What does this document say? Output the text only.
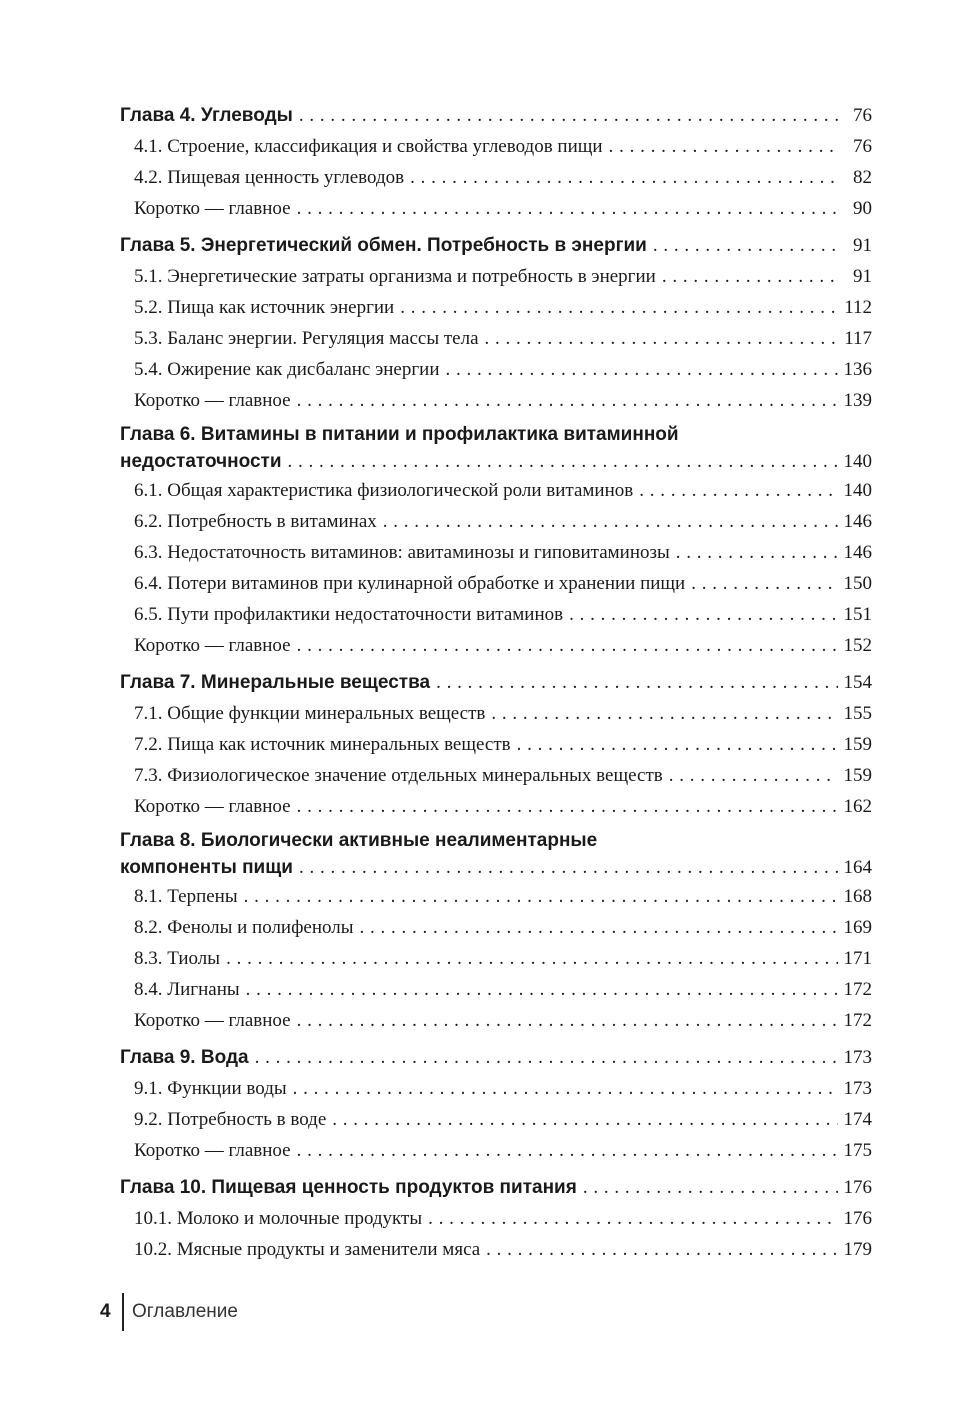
Глава 4. Углеводы . . .	76
4.1. Строение, классификация и свойства углеводов пищи . . .	76
4.2. Пищевая ценность углеводов . . .	82
Коротко — главное . . .	90
Глава 5. Энергетический обмен. Потребность в энергии . . .	91
5.1. Энергетические затраты организма и потребность в энергии . . .	91
5.2. Пища как источник энергии . . .	112
5.3. Баланс энергии. Регуляция массы тела . . .	117
5.4. Ожирение как дисбаланс энергии . . .	136
Коротко — главное . . .	139
Глава 6. Витамины в питании и профилактика витаминной
недостаточности . . .	140
6.1. Общая характеристика физиологической роли витаминов . . .	140
6.2. Потребность в витаминах . . .	146
6.3. Недостаточность витаминов: авитаминозы и гиповитаминозы . . .	146
6.4. Потери витаминов при кулинарной обработке и хранении пищи . . .	150
6.5. Пути профилактики недостаточности витаминов . . .	151
Коротко — главное . . .	152
Глава 7. Минеральные вещества . . .	154
7.1. Общие функции минеральных веществ . . .	155
7.2. Пища как источник минеральных веществ . . .	159
7.3. Физиологическое значение отдельных минеральных веществ . . .	159
Коротко — главное . . .	162
Глава 8. Биологически активные неалиментарные
компоненты пищи . . .	164
8.1. Терпены . . .	168
8.2. Фенолы и полифенолы . . .	169
8.3. Тиолы . . .	171
8.4. Лигнаны . . .	172
Коротко — главное . . .	172
Глава 9. Вода . . .	173
9.1. Функции воды . . .	173
9.2. Потребность в воде . . .	174
Коротко — главное . . .	175
Глава 10. Пищевая ценность продуктов питания . . .	176
10.1. Молоко и молочные продукты . . .	176
10.2. Мясные продукты и заменители мяса . . .	179
4	Оглавление
